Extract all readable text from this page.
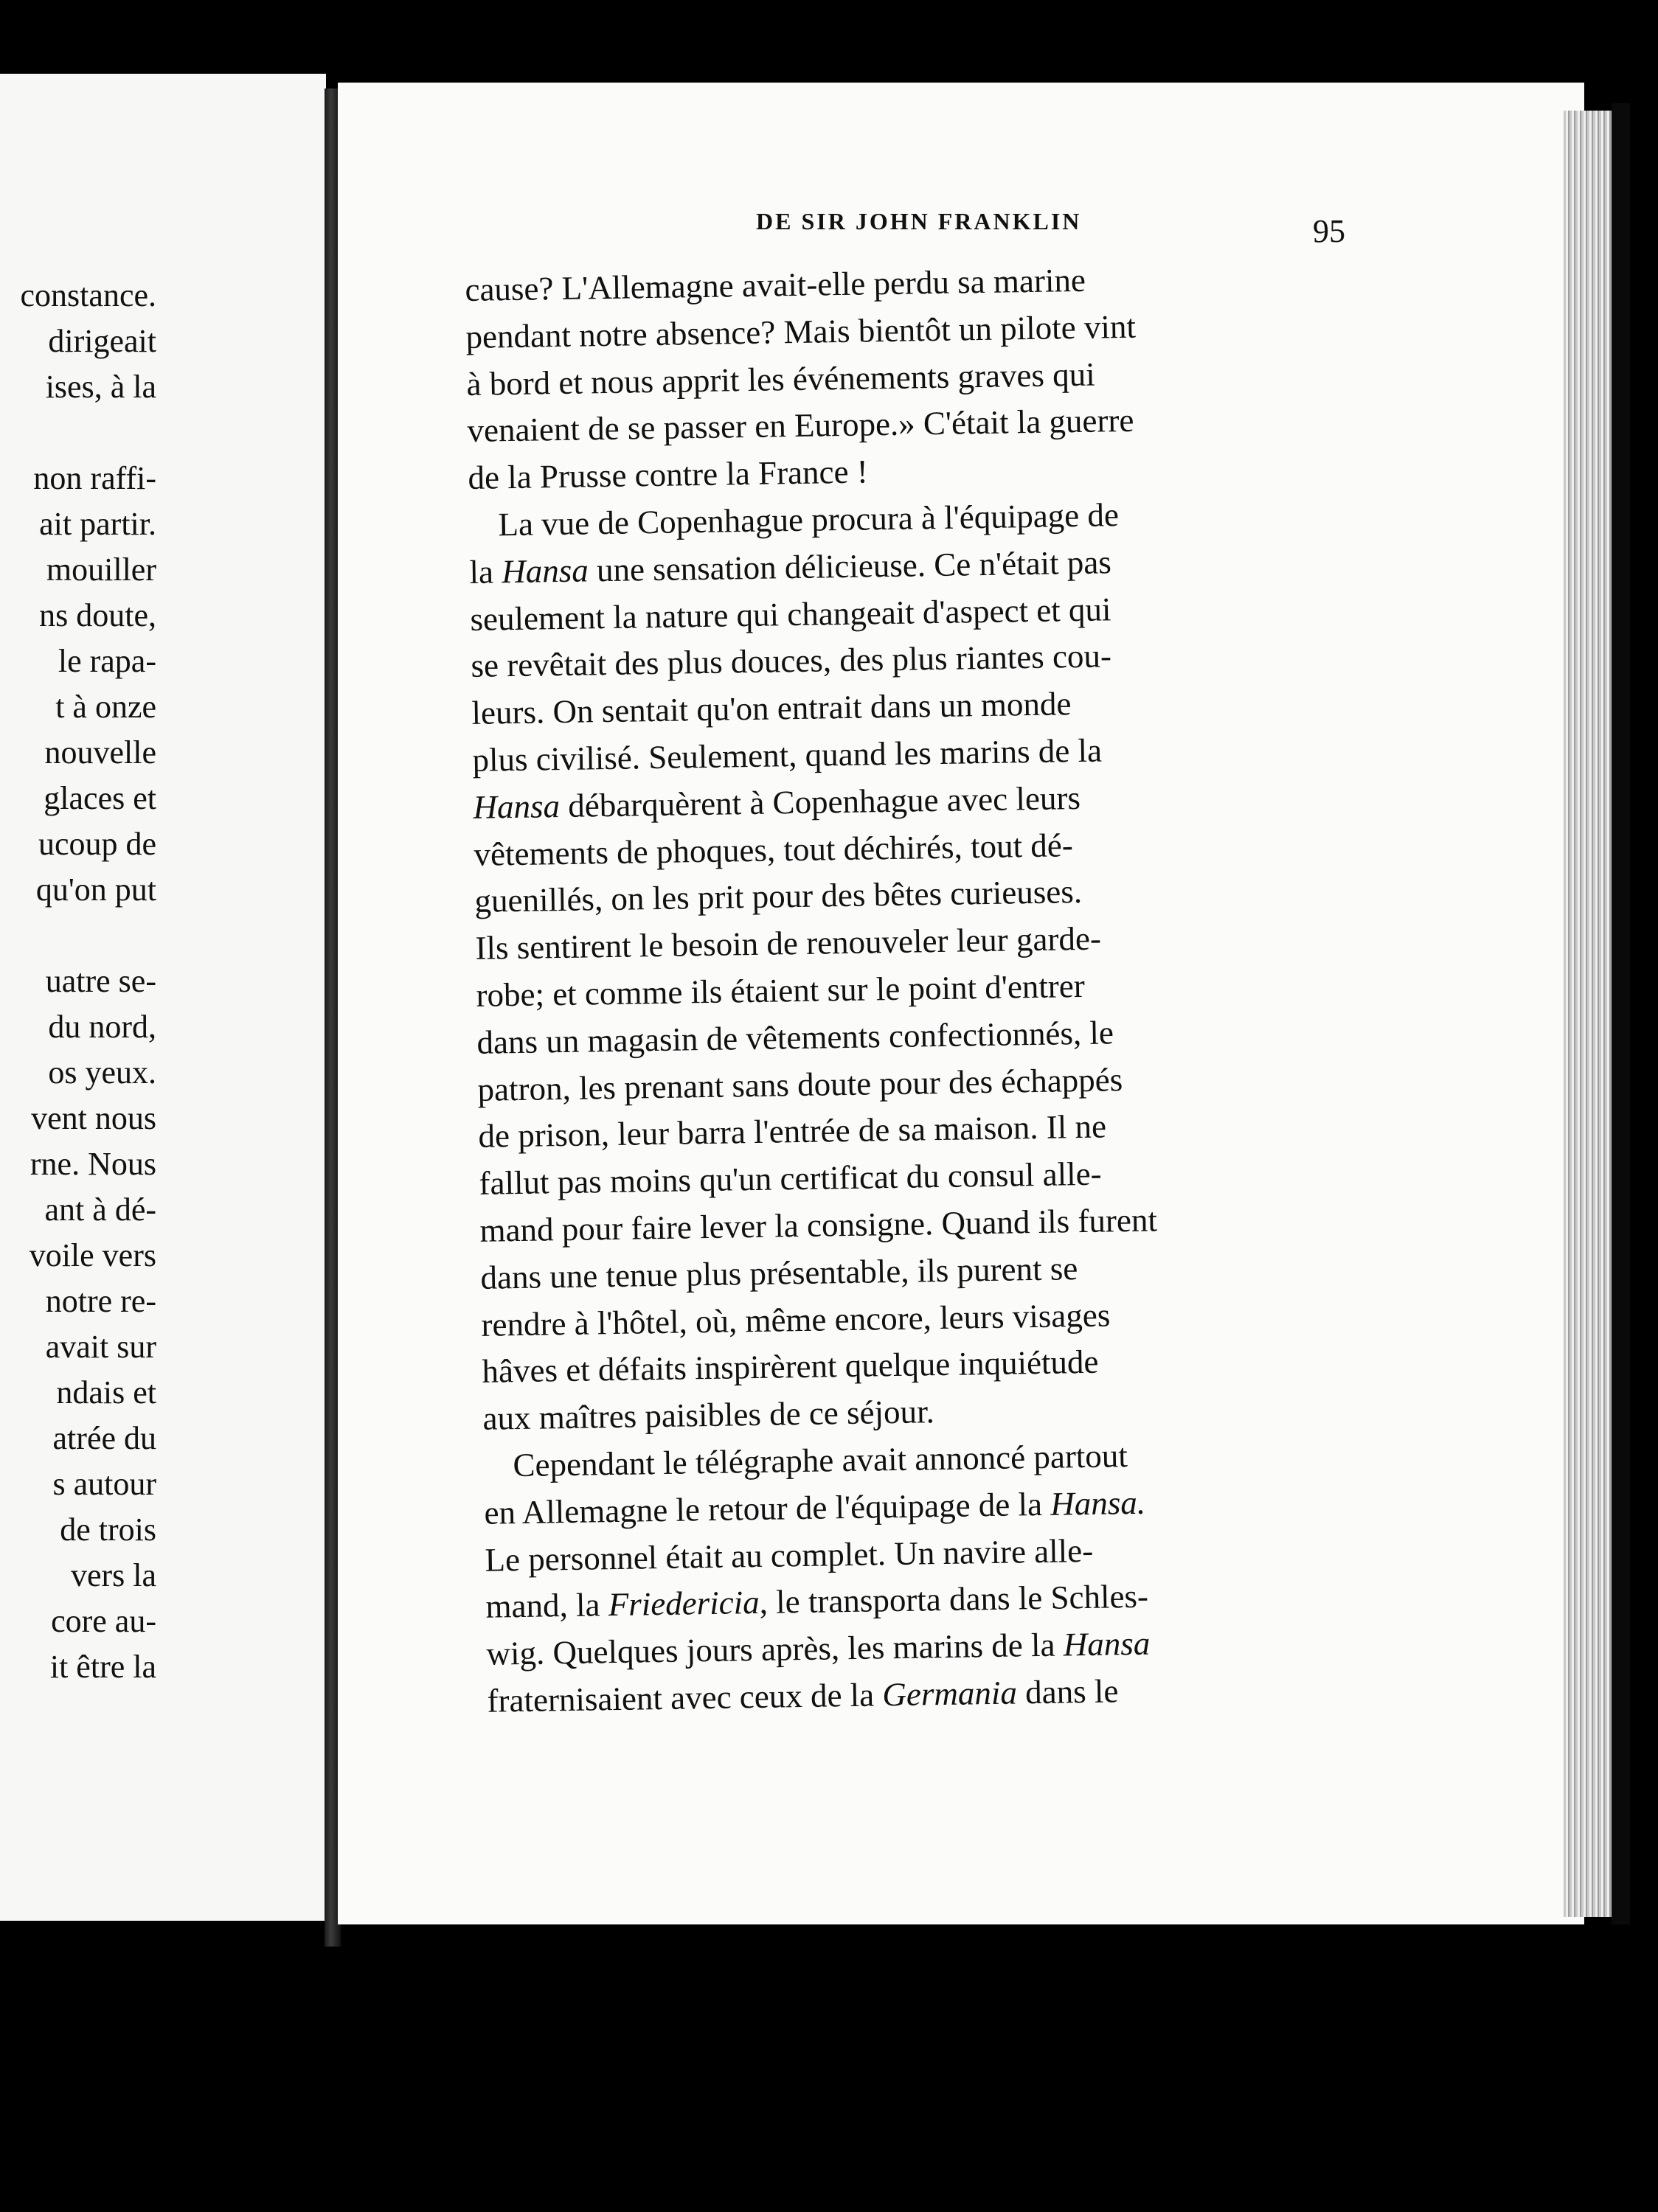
constance.
dirigeait
ises, à la
non raffi-
ait partir.
mouiller
ns doute,
le rapa-
t à onze
nouvelle
glaces et
ucoup de
qu'on put
uatre se-
du nord,
os yeux.
vent nous
rne. Nous
ant à dé-
voile vers
notre re-
avait sur
ndais et
atrée du
s autour
de trois
vers la
core au-
it être la
DE SIR JOHN FRANKLIN	95
cause? L'Allemagne avait-elle perdu sa marine
pendant notre absence? Mais bientôt un pilote vint
à bord et nous apprit les événements graves qui
venaient de se passer en Europe.» C'était la guerre
de la Prusse contre la France !
La vue de Copenhague procura à l'équipage de
la Hansa une sensation délicieuse. Ce n'était pas
seulement la nature qui changeait d'aspect et qui
se revêtait des plus douces, des plus riantes cou-
leurs. On sentait qu'on entrait dans un monde
plus civilisé. Seulement, quand les marins de la
Hansa débarquèrent à Copenhague avec leurs
vêtements de phoques, tout déchirés, tout dé-
guenillés, on les prit pour des bêtes curieuses.
Ils sentirent le besoin de renouveler leur garde-
robe; et comme ils étaient sur le point d'entrer
dans un magasin de vêtements confectionnés, le
patron, les prenant sans doute pour des échappés
de prison, leur barra l'entrée de sa maison. Il ne
fallut pas moins qu'un certificat du consul alle-
mand pour faire lever la consigne. Quand ils furent
dans une tenue plus présentable, ils purent se
rendre à l'hôtel, où, même encore, leurs visages
hâves et défaits inspirèrent quelque inquiétude
aux maîtres paisibles de ce séjour.
Cependant le télégraphe avait annoncé partout
en Allemagne le retour de l'équipage de la Hansa.
Le personnel était au complet. Un navire alle-
mand, la Friedericia, le transporta dans le Schles-
wig. Quelques jours après, les marins de la Hansa
fraternisaient avec ceux de la Germania dans le
